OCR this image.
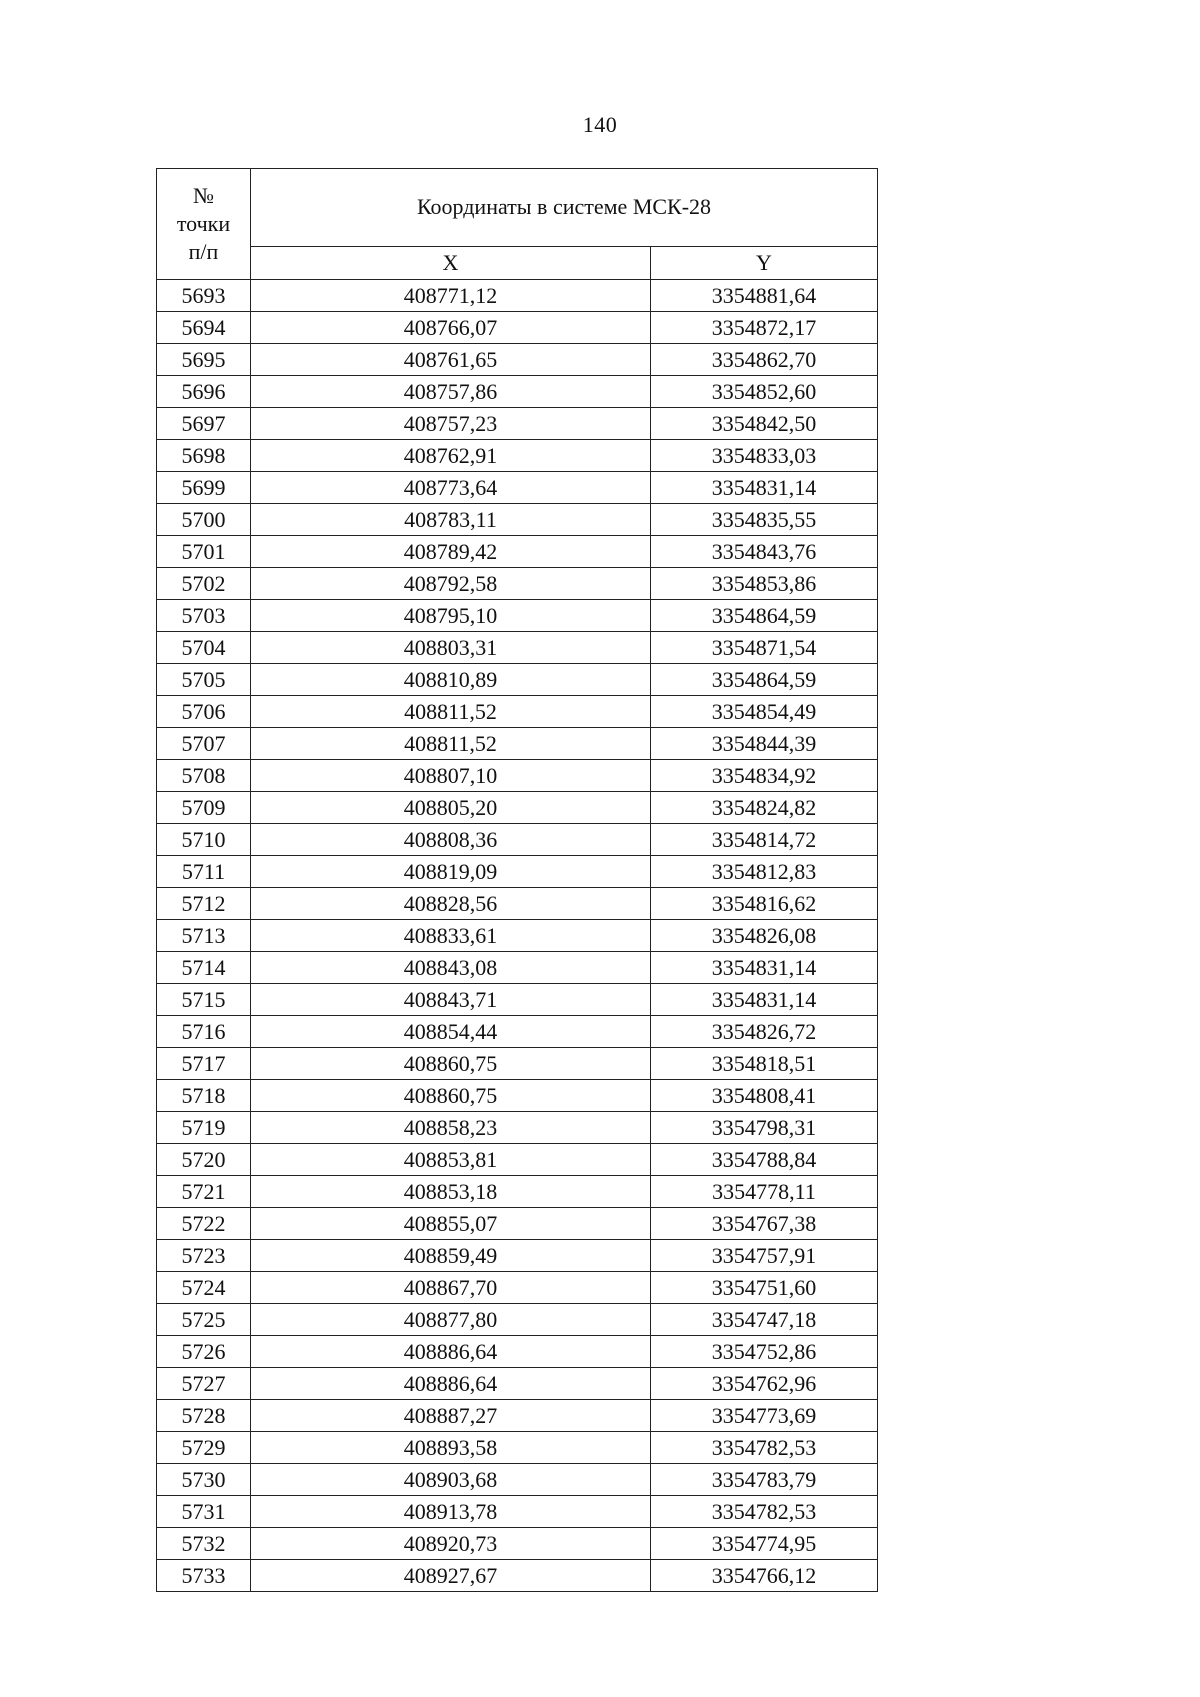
140
№
точки
п/п	Координаты в системе МСК-28	
	X	Y
5693	408771,12	3354881,64
5694	408766,07	3354872,17
5695	408761,65	3354862,70
5696	408757,86	3354852,60
5697	408757,23	3354842,50
5698	408762,91	3354833,03
5699	408773,64	3354831,14
5700	408783,11	3354835,55
5701	408789,42	3354843,76
5702	408792,58	3354853,86
5703	408795,10	3354864,59
5704	408803,31	3354871,54
5705	408810,89	3354864,59
5706	408811,52	3354854,49
5707	408811,52	3354844,39
5708	408807,10	3354834,92
5709	408805,20	3354824,82
5710	408808,36	3354814,72
5711	408819,09	3354812,83
5712	408828,56	3354816,62
5713	408833,61	3354826,08
5714	408843,08	3354831,14
5715	408843,71	3354831,14
5716	408854,44	3354826,72
5717	408860,75	3354818,51
5718	408860,75	3354808,41
5719	408858,23	3354798,31
5720	408853,81	3354788,84
5721	408853,18	3354778,11
5722	408855,07	3354767,38
5723	408859,49	3354757,91
5724	408867,70	3354751,60
5725	408877,80	3354747,18
5726	408886,64	3354752,86
5727	408886,64	3354762,96
5728	408887,27	3354773,69
5729	408893,58	3354782,53
5730	408903,68	3354783,79
5731	408913,78	3354782,53
5732	408920,73	3354774,95
5733	408927,67	3354766,12
